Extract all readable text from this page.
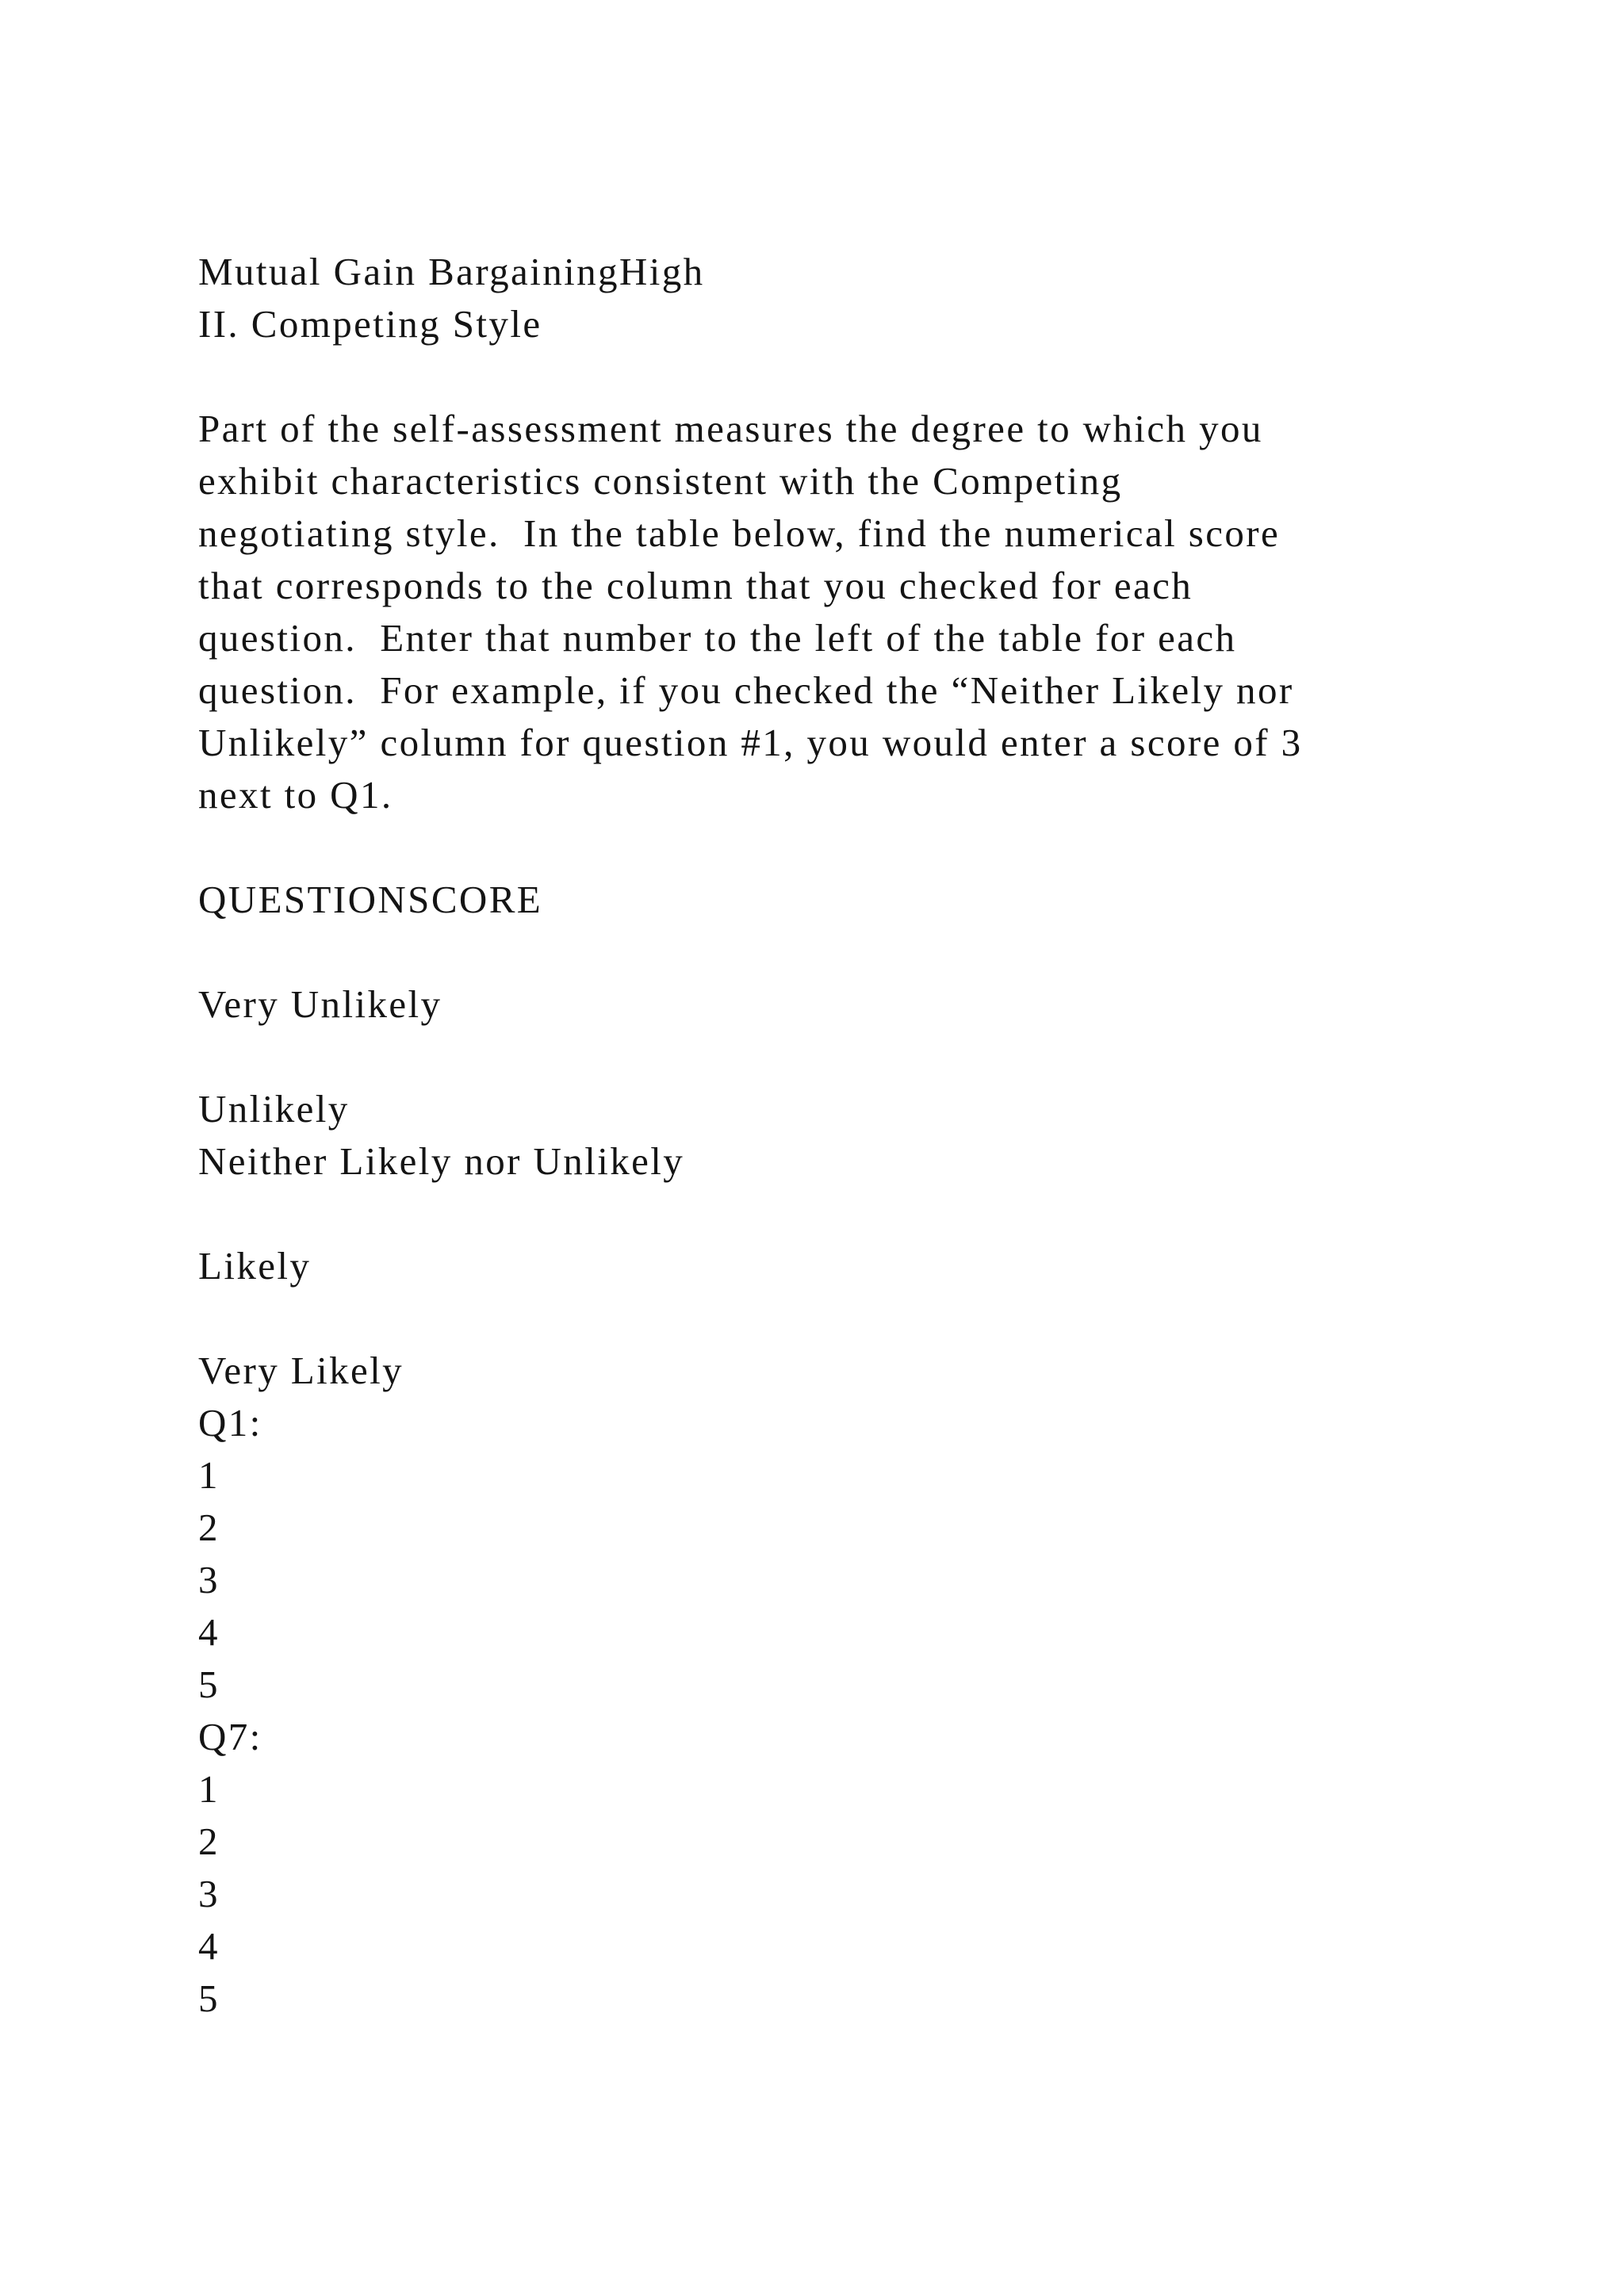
Mutual Gain BargainingHigh
II. Competing Style
Part of the self-assessment measures the degree to which you
exhibit characteristics consistent with the Competing
negotiating style.  In the table below, find the numerical score
that corresponds to the column that you checked for each
question.  Enter that number to the left of the table for each
question.  For example, if you checked the “Neither Likely nor
Unlikely” column for question #1, you would enter a score of 3
next to Q1.
QUESTIONSCORE
Very Unlikely
Unlikely
Neither Likely nor Unlikely
Likely
Very Likely
Q1:
1
2
3
4
5
Q7:
1
2
3
4
5
